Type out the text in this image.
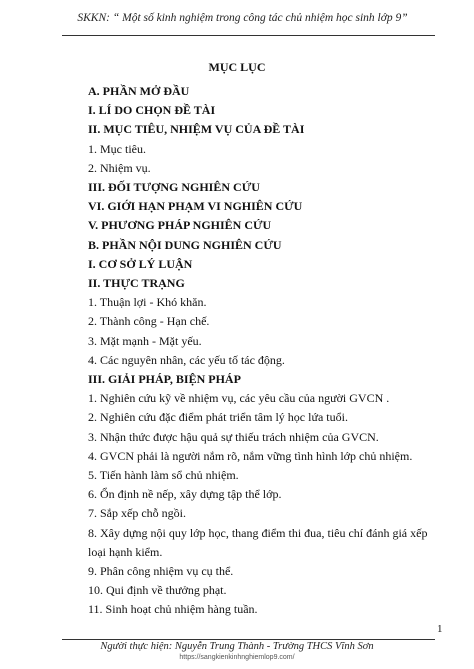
SKKN: “ Một số kinh nghiệm trong công tác chủ nhiệm học sinh lớp 9”
MỤC LỤC
A. PHẦN MỞ ĐẦU
I. LÍ DO CHỌN ĐỀ TÀI
II. MỤC TIÊU, NHIỆM VỤ CỦA ĐỀ TÀI
1. Mục tiêu.
2. Nhiệm vụ.
III. ĐỐI TƯỢNG NGHIÊN CỨU
VI. GIỚI HẠN PHẠM VI NGHIÊN CỨU
V. PHƯƠNG PHÁP NGHIÊN CỨU
B. PHẦN NỘI DUNG NGHIÊN CỨU
I. CƠ SỞ LÝ LUẬN
II. THỰC TRẠNG
1. Thuận lợi - Khó khăn.
2. Thành công - Hạn chế.
3. Mặt mạnh - Mặt yếu.
4. Các nguyên nhân, các yếu tố tác động.
III. GIẢI PHÁP, BIỆN PHÁP
1. Nghiên cứu kỹ về nhiệm vụ, các yêu cầu của người GVCN .
2. Nghiên cứu đặc điểm phát triển tâm lý học lứa tuổi.
3. Nhận thức được hậu quả sự thiếu trách nhiệm của GVCN.
4. GVCN phải là người nắm rõ, nắm vững tình hình lớp chủ nhiệm.
5. Tiến hành làm sổ chủ nhiệm.
6. Ổn định nề nếp, xây dựng tập thể lớp.
7. Sắp xếp chỗ ngồi.
8. Xây dựng nội quy lớp học, thang điểm thi đua, tiêu chí đánh giá xếp loại hạnh kiểm.
9. Phân công nhiệm vụ cụ thể.
10. Qui định về thưởng phạt.
11. Sinh hoạt chủ nhiệm hàng tuần.
1
Người thực hiện: Nguyễn Trung Thành - Trường THCS Vĩnh Sơn
https://sangkienkinhnghiemlop9.com/
